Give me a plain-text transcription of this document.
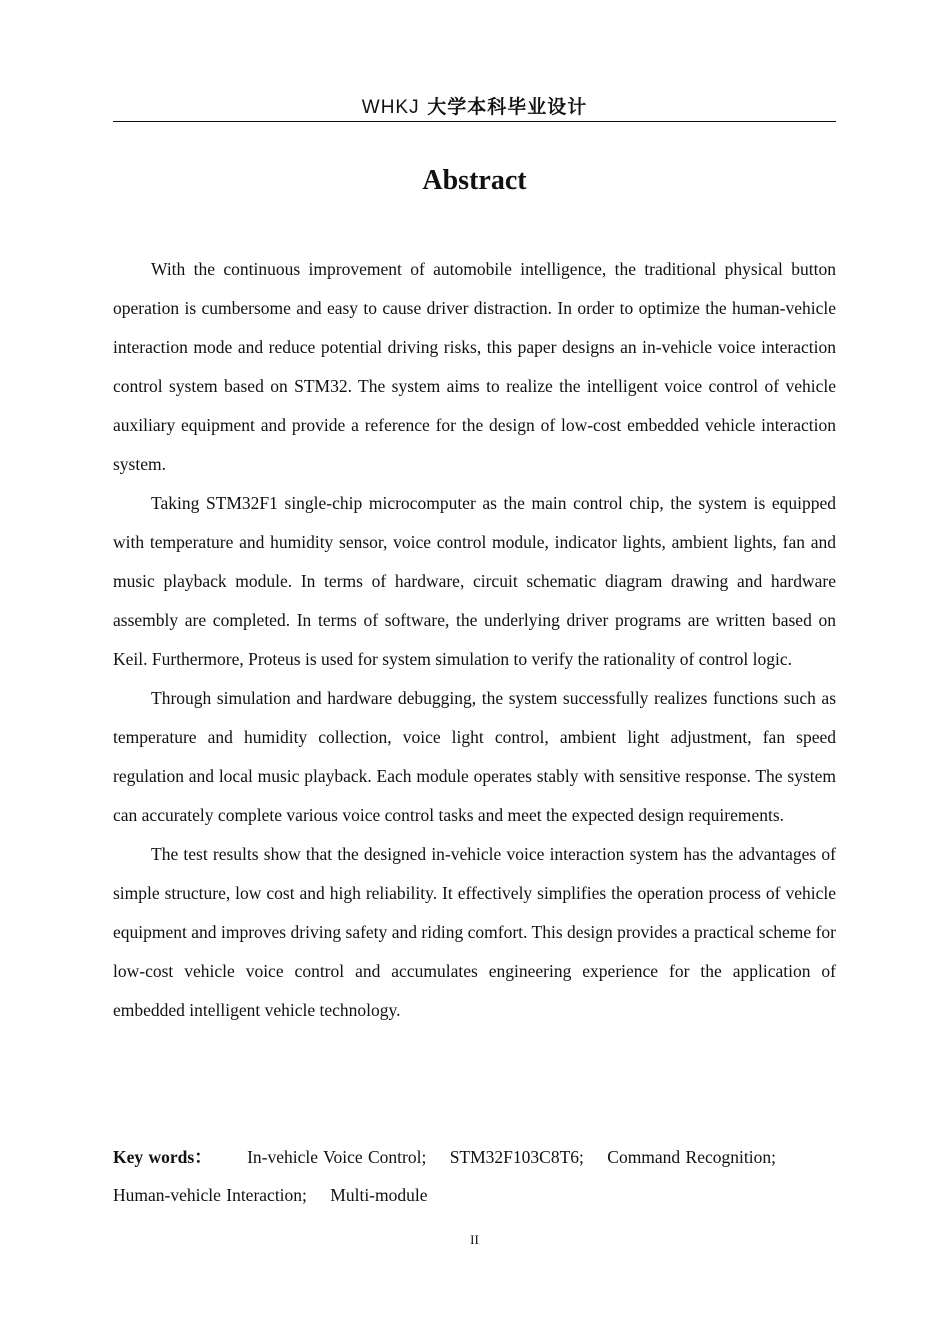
WHKJ 大学本科毕业设计
Abstract

With the continuous improvement of automobile intelligence, the traditional physical button operation is cumbersome and easy to cause driver distraction. In order to optimize the human-vehicle interaction mode and reduce potential driving risks, this paper designs an in-vehicle voice interaction control system based on STM32. The system aims to realize the intelligent voice control of vehicle auxiliary equipment and provide a reference for the design of low-cost embedded vehicle interaction system.

Taking STM32F1 single-chip microcomputer as the main control chip, the system is equipped with temperature and humidity sensor, voice control module, indicator lights, ambient lights, fan and music playback module. In terms of hardware, circuit schematic diagram drawing and hardware assembly are completed. In terms of software, the underlying driver programs are written based on Keil. Furthermore, Proteus is used for system simulation to verify the rationality of control logic.

Through simulation and hardware debugging, the system successfully realizes functions such as temperature and humidity collection, voice light control, ambient light adjustment, fan speed regulation and local music playback. Each module operates stably with sensitive response. The system can accurately complete various voice control tasks and meet the expected design requirements.

The test results show that the designed in-vehicle voice interaction system has the advantages of simple structure, low cost and high reliability. It effectively simplifies the operation process of vehicle equipment and improves driving safety and riding comfort. This design provides a practical scheme for low-cost vehicle voice control and accumulates engineering experience for the application of embedded intelligent vehicle technology.

Key words： In-vehicle Voice Control; STM32F103C8T6; Command Recognition; Human-vehicle Interaction; Multi-module
II
